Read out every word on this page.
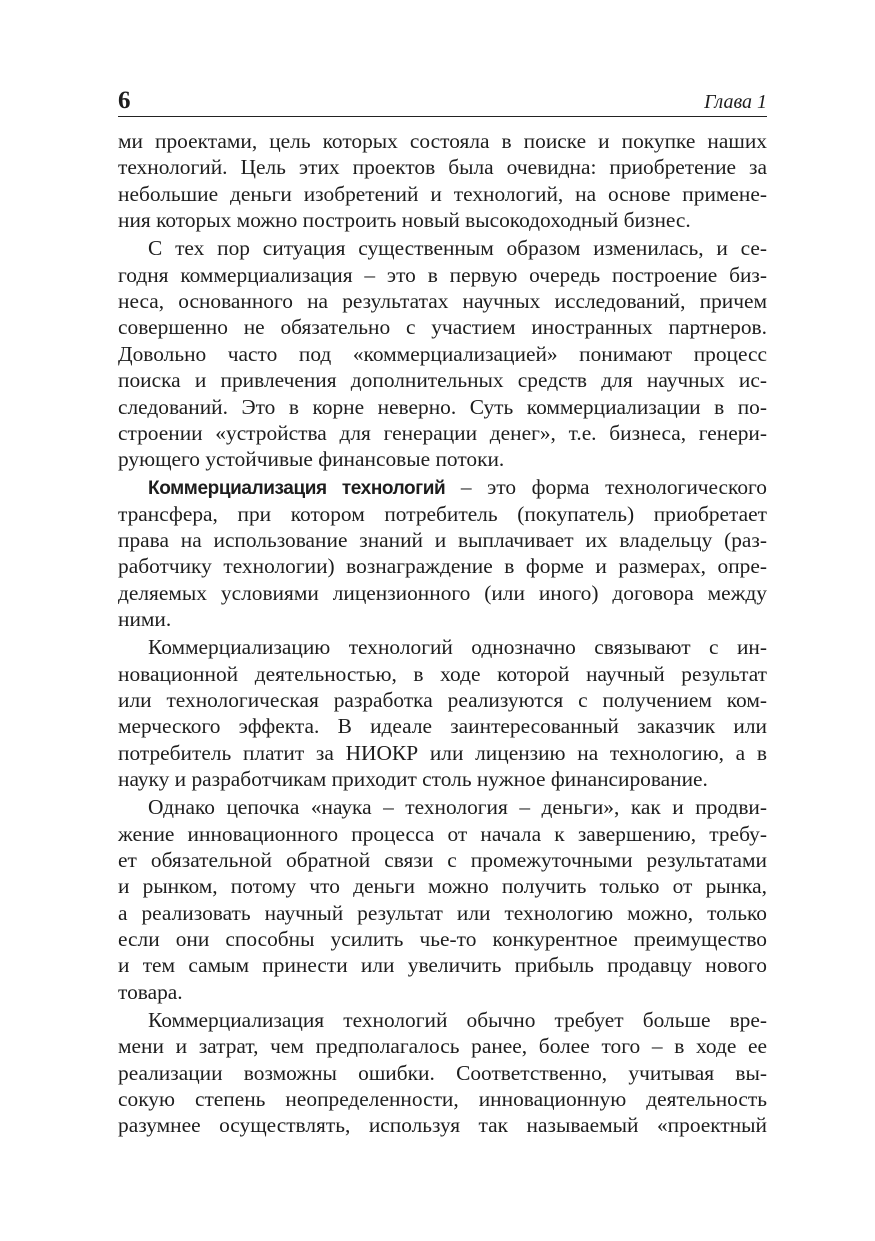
6	Глава 1
ми проектами, цель которых состояла в поиске и покупке наших
технологий. Цель этих проектов была очевидна: приобретение за
небольшие деньги изобретений и технологий, на основе примене-
ния которых можно построить новый высокодоходный бизнес.
С тех пор ситуация существенным образом изменилась, и се-
годня коммерциализация – это в первую очередь построение биз-
неса, основанного на результатах научных исследований, причем
совершенно не обязательно с участием иностранных партнеров.
Довольно часто под «коммерциализацией» понимают процесс
поиска и привлечения дополнительных средств для научных ис-
следований. Это в корне неверно. Суть коммерциализации в по-
строении «устройства для генерации денег», т.е. бизнеса, генери-
рующего устойчивые финансовые потоки.
Коммерциализация технологий – это форма технологического
трансфера, при котором потребитель (покупатель) приобретает
права на использование знаний и выплачивает их владельцу (раз-
работчику технологии) вознаграждение в форме и размерах, опре-
деляемых условиями лицензионного (или иного) договора между
ними.
Коммерциализацию технологий однозначно связывают с ин-
новационной деятельностью, в ходе которой научный результат
или технологическая разработка реализуются с получением ком-
мерческого эффекта. В идеале заинтересованный заказчик или
потребитель платит за НИОКР или лицензию на технологию, а в
науку и разработчикам приходит столь нужное финансирование.
Однако цепочка «наука – технология – деньги», как и продви-
жение инновационного процесса от начала к завершению, требу-
ет обязательной обратной связи с промежуточными результатами
и рынком, потому что деньги можно получить только от рынка,
а реализовать научный результат или технологию можно, только
если они способны усилить чье-то конкурентное преимущество
и тем самым принести или увеличить прибыль продавцу нового
товара.
Коммерциализация технологий обычно требует больше вре-
мени и затрат, чем предполагалось ранее, более того – в ходе ее
реализации возможны ошибки. Соответственно, учитывая вы-
сокую степень неопределенности, инновационную деятельность
разумнее осуществлять, используя так называемый «проектный
